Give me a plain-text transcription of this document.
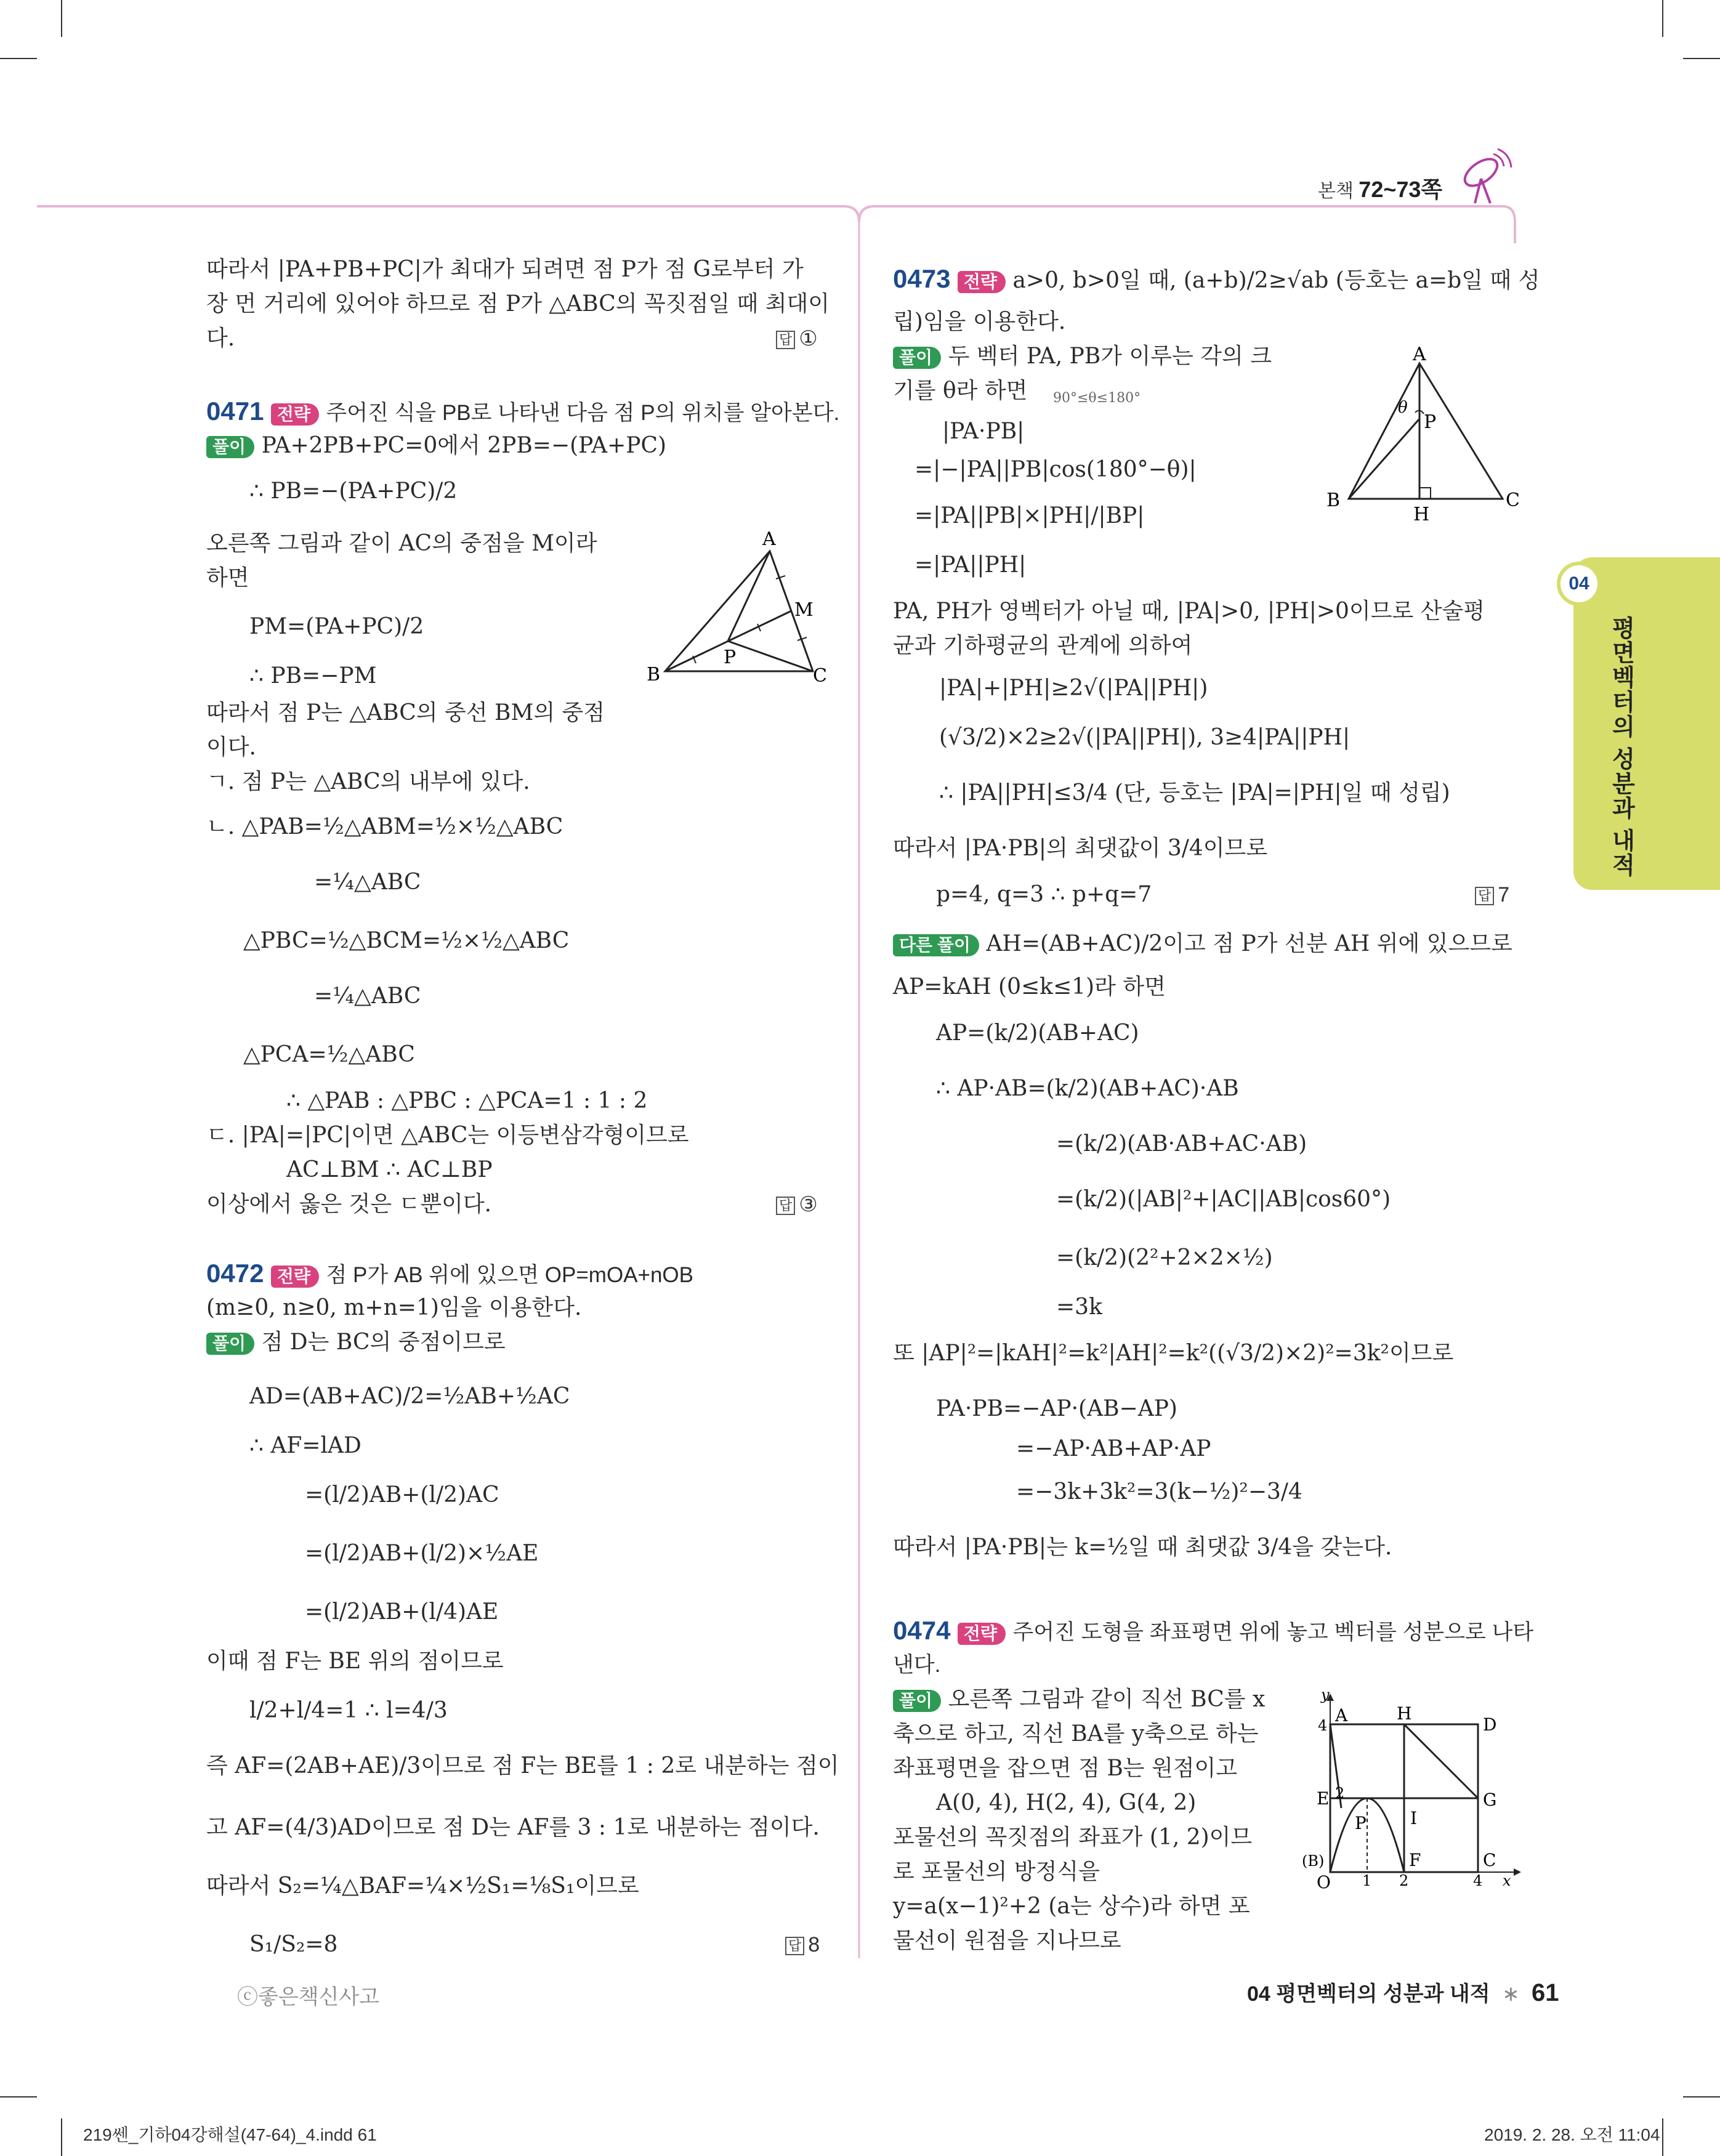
본책 72~73쪽
04
평면벡터의 성분과 내적
따라서 |PA+PB+PC|가 최대가 되려면 점 P가 점 G로부터 가
장 먼 거리에 있어야 하므로 점 P가 △ABC의 꼭짓점일 때 최대이
다.	답 ①
0471 전략 주어진 식을 PB로 나타낸 다음 점 P의 위치를 알아본다.
풀이 PA+2PB+PC=0에서 2PB=−(PA+PC)
∴ PB=−(PA+PC)/2
오른쪽 그림과 같이 AC의 중점을 M이라
하면
PM=(PA+PC)/2
∴ PB=−PM
따라서 점 P는 △ABC의 중선 BM의 중점
이다.
ㄱ. 점 P는 △ABC의 내부에 있다.
ㄴ. △PAB=½△ABM=½×½△ABC
=¼△ABC
△PBC=½△BCM=½×½△ABC
=¼△ABC
△PCA=½△ABC
∴ △PAB : △PBC : △PCA=1 : 1 : 2
ㄷ. |PA|=|PC|이면 △ABC는 이등변삼각형이므로
AC⊥BM ∴ AC⊥BP
이상에서 옳은 것은 ㄷ뿐이다.	답 ③
0472 전략 점 P가 AB 위에 있으면 OP=mOA+nOB
(m≥0, n≥0, m+n=1)임을 이용한다.
풀이 점 D는 BC의 중점이므로
AD=(AB+AC)/2=½AB+½AC
∴ AF=lAD
=(l/2)AB+(l/2)AC
=(l/2)AB+(l/2)×½AE
=(l/2)AB+(l/4)AE
이때 점 F는 BE 위의 점이므로
l/2+l/4=1 ∴ l=4/3
즉 AF=(2AB+AE)/3이므로 점 F는 BE를 1 : 2로 내분하는 점이
고 AF=(4/3)AD이므로 점 D는 AF를 3 : 1로 내분하는 점이다.
따라서 S₂=¼△BAF=¼×½S₁=⅛S₁이므로
S₁/S₂=8	답 8
A
M
P
B	C
0473 전략 a>0, b>0일 때, (a+b)/2≥√ab (등호는 a=b일 때 성
립)임을 이용한다.
풀이 두 벡터 PA, PB가 이루는 각의 크
기를 θ라 하면 90°≤θ≤180°
|PA·PB|
=|−|PA||PB|cos(180°−θ)|
=|PA||PB|×|PH|/|BP|
=|PA||PH|
PA, PH가 영벡터가 아닐 때, |PA|>0, |PH|>0이므로 산술평
균과 기하평균의 관계에 의하여
|PA|+|PH|≥2√(|PA||PH|)
(√3/2)×2≥2√(|PA||PH|), 3≥4|PA||PH|
∴ |PA||PH|≤3/4 (단, 등호는 |PA|=|PH|일 때 성립)
따라서 |PA·PB|의 최댓값이 3/4이므로
p=4, q=3 ∴ p+q=7	답 7
다른 풀이 AH=(AB+AC)/2이고 점 P가 선분 AH 위에 있으므로
AP=kAH (0≤k≤1)라 하면
AP=(k/2)(AB+AC)
∴ AP·AB=(k/2)(AB+AC)·AB
=(k/2)(AB·AB+AC·AB)
=(k/2)(|AB|²+|AC||AB|cos60°)
=(k/2)(2²+2×2×½)
=3k
또 |AP|²=|kAH|²=k²|AH|²=k²((√3/2)×2)²=3k²이므로
PA·PB=−AP·(AB−AP)
=−AP·AB+AP·AP
=−3k+3k²=3(k−½)²−3/4
따라서 |PA·PB|는 k=½일 때 최댓값 3/4을 갖는다.
0474 전략 주어진 도형을 좌표평면 위에 놓고 벡터를 성분으로 나타
낸다.
풀이 오른쪽 그림과 같이 직선 BC를 x
축으로 하고, 직선 BA를 y축으로 하는
좌표평면을 잡으면 점 B는 원점이고
A(0, 4), H(2, 4), G(4, 2)
포물선의 꼭짓점의 좌표가 (1, 2)이므
로 포물선의 방정식을
y=a(x−1)²+2 (a는 상수)라 하면 포
물선이 원점을 지나므로
A
θ
P
B
H
C
y
A	H
D
4
E 2	G
P	I
(B)	F	C
O 1 2	4 x
ⓒ좋은책신사고	04 평면벡터의 성분과 내적 ∗ 61
219쎈_기하04강해설(47-64)_4.indd 61	2019. 2. 28. 오전 11:04
